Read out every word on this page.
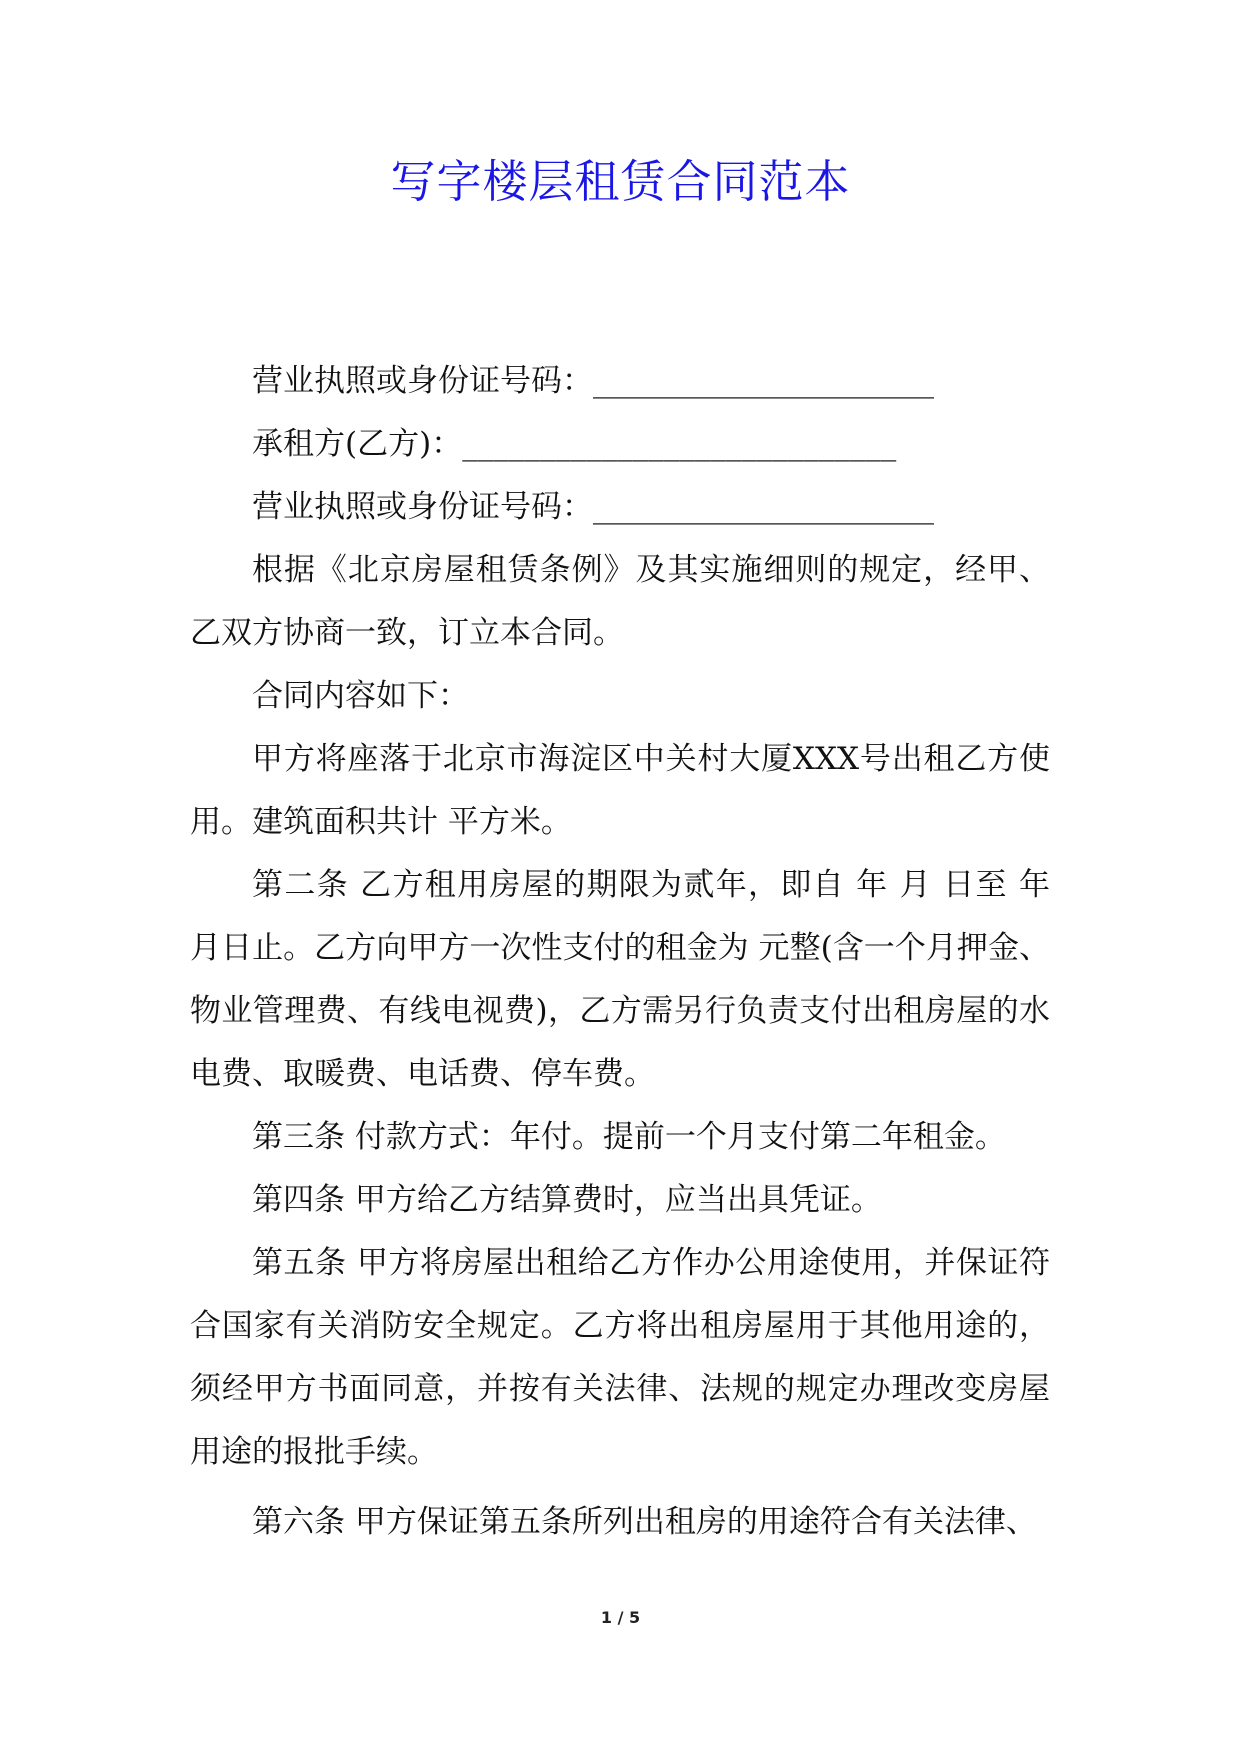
写字楼层租赁合同范本

营业执照或身份证号码：______________________

承租方(乙方)：____________________________

营业执照或身份证号码：______________________

根据《北京房屋租赁条例》及其实施细则的规定，经甲、乙双方协商一致，订立本合同。

合同内容如下：

甲方将座落于北京市海淀区中关村大厦XXX号出租乙方使用。建筑面积共计 平方米。

第二条 乙方租用房屋的期限为贰年，即自 年 月 日至 年 月日止。乙方向甲方一次性支付的租金为 元整(含一个月押金、物业管理费、有线电视费)，乙方需另行负责支付出租房屋的水电费、取暖费、电话费、停车费。

第三条 付款方式：年付。提前一个月支付第二年租金。

第四条 甲方给乙方结算费时，应当出具凭证。

第五条 甲方将房屋出租给乙方作办公用途使用，并保证符合国家有关消防安全规定。乙方将出租房屋用于其他用途的，须经甲方书面同意，并按有关法律、法规的规定办理改变房屋用途的报批手续。

第六条 甲方保证第五条所列出租房的用途符合有关法律、

1 / 5
